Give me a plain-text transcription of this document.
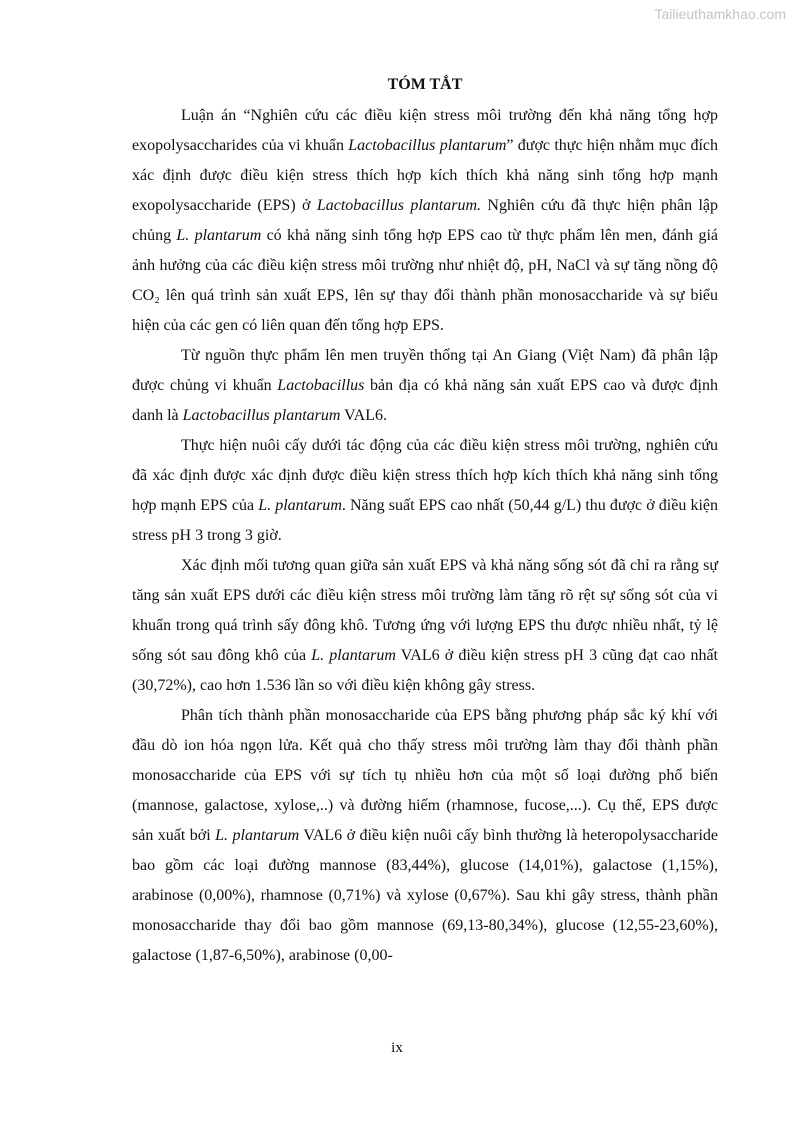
Tailieuthamkhao.com
TÓM TẮT

Luận án “Nghiên cứu các điều kiện stress môi trường đến khả năng tổng hợp exopolysaccharides của vi khuẩn Lactobacillus plantarum” được thực hiện nhằm mục đích xác định được điều kiện stress thích hợp kích thích khả năng sinh tổng hợp mạnh exopolysaccharide (EPS) ở Lactobacillus plantarum. Nghiên cứu đã thực hiện phân lập chủng L. plantarum có khả năng sinh tổng hợp EPS cao từ thực phẩm lên men, đánh giá ảnh hưởng của các điều kiện stress môi trường như nhiệt độ, pH, NaCl và sự tăng nồng độ CO₂ lên quá trình sản xuất EPS, lên sự thay đổi thành phần monosaccharide và sự biểu hiện của các gen có liên quan đến tổng hợp EPS.

Từ nguồn thực phẩm lên men truyền thống tại An Giang (Việt Nam) đã phân lập được chủng vi khuẩn Lactobacillus bản địa có khả năng sản xuất EPS cao và được định danh là Lactobacillus plantarum VAL6.

Thực hiện nuôi cấy dưới tác động của các điều kiện stress môi trường, nghiên cứu đã xác định được xác định được điều kiện stress thích hợp kích thích khả năng sinh tổng hợp mạnh EPS của L. plantarum. Năng suất EPS cao nhất (50,44 g/L) thu được ở điều kiện stress pH 3 trong 3 giờ.

Xác định mối tương quan giữa sản xuất EPS và khả năng sống sót đã chỉ ra rằng sự tăng sản xuất EPS dưới các điều kiện stress môi trường làm tăng rõ rệt sự sống sót của vi khuẩn trong quá trình sấy đông khô. Tương ứng với lượng EPS thu được nhiều nhất, tỷ lệ sống sót sau đông khô của L. plantarum VAL6 ở điều kiện stress pH 3 cũng đạt cao nhất (30,72%), cao hơn 1.536 lần so với điều kiện không gây stress.

Phân tích thành phần monosaccharide của EPS bằng phương pháp sắc ký khí với đầu dò ion hóa ngọn lửa. Kết quả cho thấy stress môi trường làm thay đổi thành phần monosaccharide của EPS với sự tích tụ nhiều hơn của một số loại đường phổ biến (mannose, galactose, xylose,..) và đường hiếm (rhamnose, fucose,...). Cụ thể, EPS được sản xuất bởi L. plantarum VAL6 ở điều kiện nuôi cấy bình thường là heteropolysaccharide bao gồm các loại đường mannose (83,44%), glucose (14,01%), galactose (1,15%), arabinose (0,00%), rhamnose (0,71%) và xylose (0,67%). Sau khi gây stress, thành phần monosaccharide thay đổi bao gồm mannose (69,13-80,34%), glucose (12,55-23,60%), galactose (1,87-6,50%), arabinose (0,00-

ix
